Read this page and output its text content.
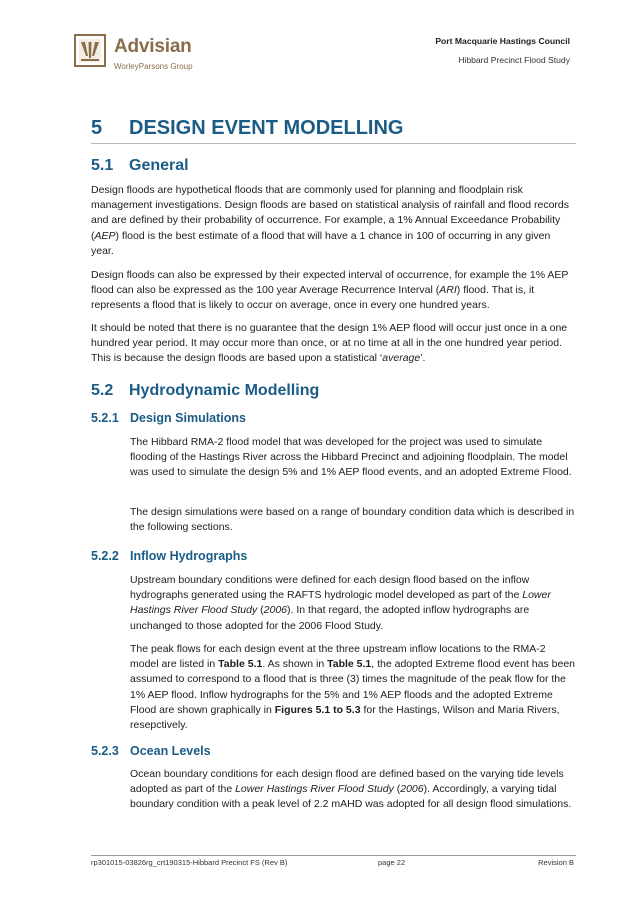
Advisian
WorleyParsons Group
Port Macquarie Hastings Council
Hibbard Precinct Flood Study
5 DESIGN EVENT MODELLING
5.1 General

Design floods are hypothetical floods that are commonly used for planning and floodplain risk management investigations. Design floods are based on statistical analysis of rainfall and flood records and are defined by their probability of occurrence. For example, a 1% Annual Exceedance Probability (AEP) flood is the best estimate of a flood that will have a 1 chance in 100 of occurring in any given year.

Design floods can also be expressed by their expected interval of occurrence, for example the 1% AEP flood can also be expressed as the 100 year Average Recurrence Interval (ARI) flood. That is, it represents a flood that is likely to occur on average, once in every one hundred years.

It should be noted that there is no guarantee that the design 1% AEP flood will occur just once in a one hundred year period. It may occur more than once, or at no time at all in the one hundred year period. This is because the design floods are based upon a statistical ‘average’.

5.2 Hydrodynamic Modelling
5.2.1 Design Simulations

The Hibbard RMA-2 flood model that was developed for the project was used to simulate flooding of the Hastings River across the Hibbard Precinct and adjoining floodplain. The model was used to simulate the design 5% and 1% AEP flood events, and an adopted Extreme Flood.

The design simulations were based on a range of boundary condition data which is described in the following sections.

5.2.2 Inflow Hydrographs

Upstream boundary conditions were defined for each design flood based on the inflow hydrographs generated using the RAFTS hydrologic model developed as part of the Lower Hastings River Flood Study (2006). In that regard, the adopted inflow hydrographs are unchanged to those adopted for the 2006 Flood Study.

The peak flows for each design event at the three upstream inflow locations to the RMA-2 model are listed in Table 5.1. As shown in Table 5.1, the adopted Extreme flood event has been assumed to correspond to a flood that is three (3) times the magnitude of the peak flow for the 1% AEP flood. Inflow hydrographs for the 5% and 1% AEP floods and the adopted Extreme Flood are shown graphically in Figures 5.1 to 5.3 for the Hastings, Wilson and Maria Rivers, resepctively.

5.2.3 Ocean Levels

Ocean boundary conditions for each design flood are defined based on the varying tide levels adopted as part of the Lower Hastings River Flood Study (2006). Accordingly, a varying tidal boundary condition with a peak level of 2.2 mAHD was adopted for all design flood simulations.

rp301015-03826rg_crt190315-Hibbard Precinct FS (Rev B)	page 22	Revision B
